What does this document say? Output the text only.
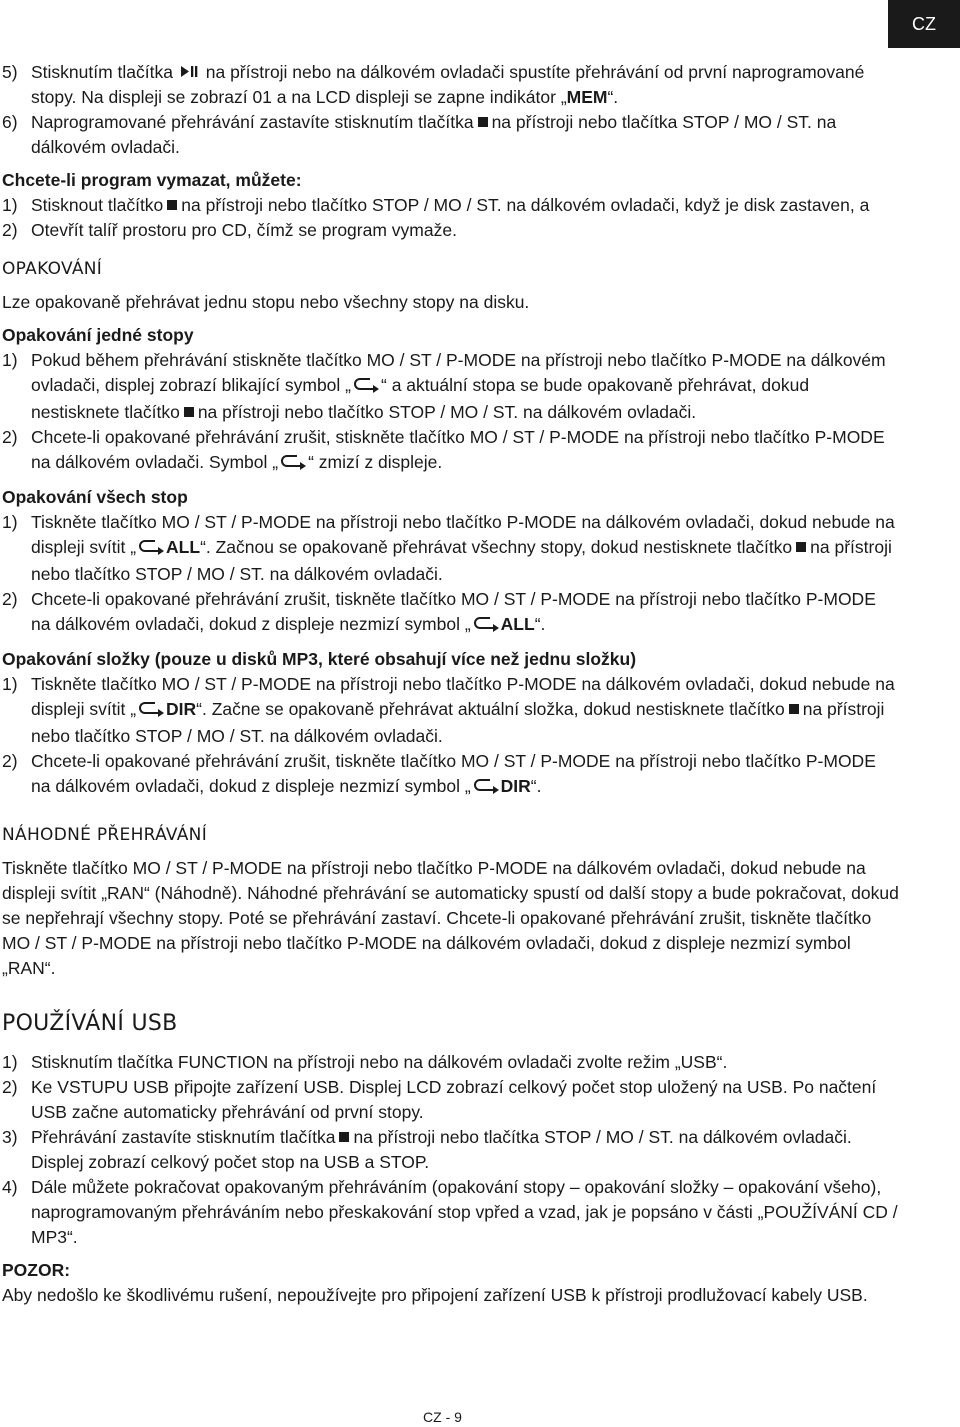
CZ
5) Stisknutím tlačítka na přístroji nebo na dálkovém ovladači spustíte přehrávání od první naprogramované stopy. Na displeji se zobrazí 01 a na LCD displeji se zapne indikátor „MEM“.
6) Naprogramované přehrávání zastavíte stisknutím tlačítka na přístroji nebo tlačítka STOP / MO / ST. na dálkovém ovladači.
Chcete-li program vymazat, můžete:
1) Stisknout tlačítko na přístroji nebo tlačítko STOP / MO / ST. na dálkovém ovladači, když je disk zastaven, a
2) Otevřít talíř prostoru pro CD, čímž se program vymaže.
OPAKOVÁNÍ
Lze opakovaně přehrávat jednu stopu nebo všechny stopy na disku.
Opakování jedné stopy
1) Pokud během přehrávání stiskněte tlačítko MO / ST / P-MODE na přístroji nebo tlačítko P-MODE na dálkovém ovladači, displej zobrazí blikající symbol „ “ a aktuální stopa se bude opakovaně přehrávat, dokud nestisknete tlačítko na přístroji nebo tlačítko STOP / MO / ST. na dálkovém ovladači.
2) Chcete-li opakované přehrávání zrušit, stiskněte tlačítko MO / ST / P-MODE na přístroji nebo tlačítko P-MODE na dálkovém ovladači. Symbol „ “ zmizí z displeje.
Opakování všech stop
1) Tiskněte tlačítko MO / ST / P-MODE na přístroji nebo tlačítko P-MODE na dálkovém ovladači, dokud nebude na displeji svítit „ ALL“. Začnou se opakovaně přehrávat všechny stopy, dokud nestisknete tlačítko na přístroji nebo tlačítko STOP / MO / ST. na dálkovém ovladači.
2) Chcete-li opakované přehrávání zrušit, tiskněte tlačítko MO / ST / P-MODE na přístroji nebo tlačítko P-MODE na dálkovém ovladači, dokud z displeje nezmizí symbol „ ALL“.
Opakování složky (pouze u disků MP3, které obsahují více než jednu složku)
1) Tiskněte tlačítko MO / ST / P-MODE na přístroji nebo tlačítko P-MODE na dálkovém ovladači, dokud nebude na displeji svítit „ DIR“. Začne se opakovaně přehrávat aktuální složka, dokud nestisknete tlačítko na přístroji nebo tlačítko STOP / MO / ST. na dálkovém ovladači.
2) Chcete-li opakované přehrávání zrušit, tiskněte tlačítko MO / ST / P-MODE na přístroji nebo tlačítko P-MODE na dálkovém ovladači, dokud z displeje nezmizí symbol „ DIR“.
NÁHODNÉ PŘEHRÁVÁNÍ
Tiskněte tlačítko MO / ST / P-MODE na přístroji nebo tlačítko P-MODE na dálkovém ovladači, dokud nebude na displeji svítit „RAN“ (Náhodně). Náhodné přehrávání se automaticky spustí od další stopy a bude pokračovat, dokud se nepřehrají všechny stopy. Poté se přehrávání zastaví. Chcete-li opakované přehrávání zrušit, tiskněte tlačítko MO / ST / P-MODE na přístroji nebo tlačítko P-MODE na dálkovém ovladači, dokud z displeje nezmizí symbol „RAN“.
POUŽÍVÁNÍ USB
1) Stisknutím tlačítka FUNCTION na přístroji nebo na dálkovém ovladači zvolte režim „USB“.
2) Ke VSTUPU USB připojte zařízení USB. Displej LCD zobrazí celkový počet stop uložený na USB. Po načtení USB začne automaticky přehrávání od první stopy.
3) Přehrávání zastavíte stisknutím tlačítka na přístroji nebo tlačítka STOP / MO / ST. na dálkovém ovladači. Displej zobrazí celkový počet stop na USB a STOP.
4) Dále můžete pokračovat opakovaným přehráváním (opakování stopy – opakování složky – opakování všeho), naprogramovaným přehráváním nebo přeskakování stop vpřed a vzad, jak je popsáno v části „POUŽÍVÁNÍ CD / MP3“.
POZOR:
Aby nedošlo ke škodlivému rušení, nepoužívejte pro připojení zařízení USB k přístroji prodlužovací kabely USB.
CZ - 9
